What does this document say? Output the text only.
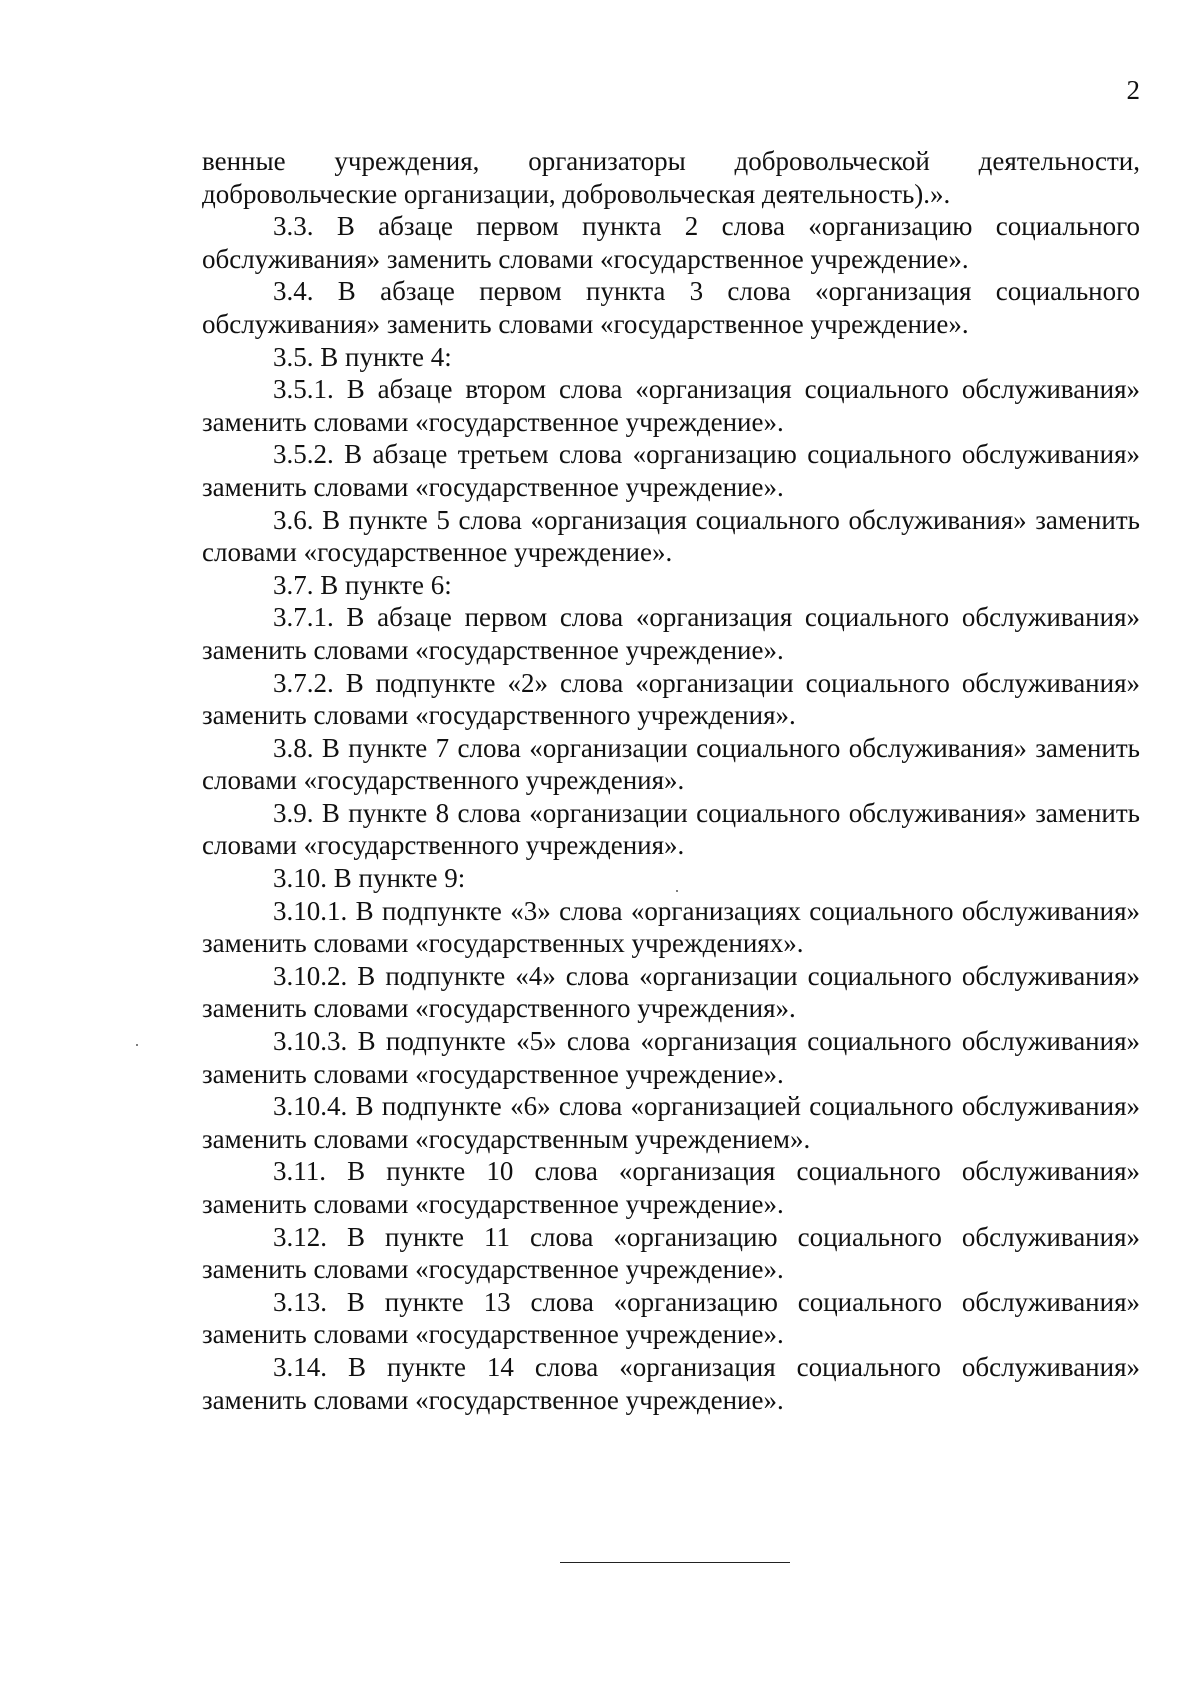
2

венные учреждения, организаторы добровольческой деятельности, добровольческие организации, добровольческая деятельность).».

3.3. В абзаце первом пункта 2 слова «организацию социального обслуживания» заменить словами «государственное учреждение».

3.4. В абзаце первом пункта 3 слова «организация социального обслуживания» заменить словами «государственное учреждение».

3.5. В пункте 4:

3.5.1. В абзаце втором слова «организация социального обслуживания» заменить словами «государственное учреждение».

3.5.2. В абзаце третьем слова «организацию социального обслуживания» заменить словами «государственное учреждение».

3.6. В пункте 5 слова «организация социального обслуживания» заменить словами «государственное учреждение».

3.7. В пункте 6:

3.7.1. В абзаце первом слова «организация социального обслуживания» заменить словами «государственное учреждение».

3.7.2. В подпункте «2» слова «организации социального обслуживания» заменить словами «государственного учреждения».

3.8. В пункте 7 слова «организации социального обслуживания» заменить словами «государственного учреждения».

3.9. В пункте 8 слова «организации социального обслуживания» заменить словами «государственного учреждения».

3.10. В пункте 9:

3.10.1. В подпункте «3» слова «организациях социального обслуживания» заменить словами «государственных учреждениях».

3.10.2. В подпункте «4» слова «организации социального обслуживания» заменить словами «государственного учреждения».

3.10.3. В подпункте «5» слова «организация социального обслуживания» заменить словами «государственное учреждение».

3.10.4. В подпункте «6» слова «организацией социального обслуживания» заменить словами «государственным учреждением».

3.11. В пункте 10 слова «организация социального обслуживания» заменить словами «государственное учреждение».

3.12. В пункте 11 слова «организацию социального обслуживания» заменить словами «государственное учреждение».

3.13. В пункте 13 слова «организацию социального обслуживания» заменить словами «государственное учреждение».

3.14. В пункте 14 слова «организация социального обслуживания» заменить словами «государственное учреждение».
